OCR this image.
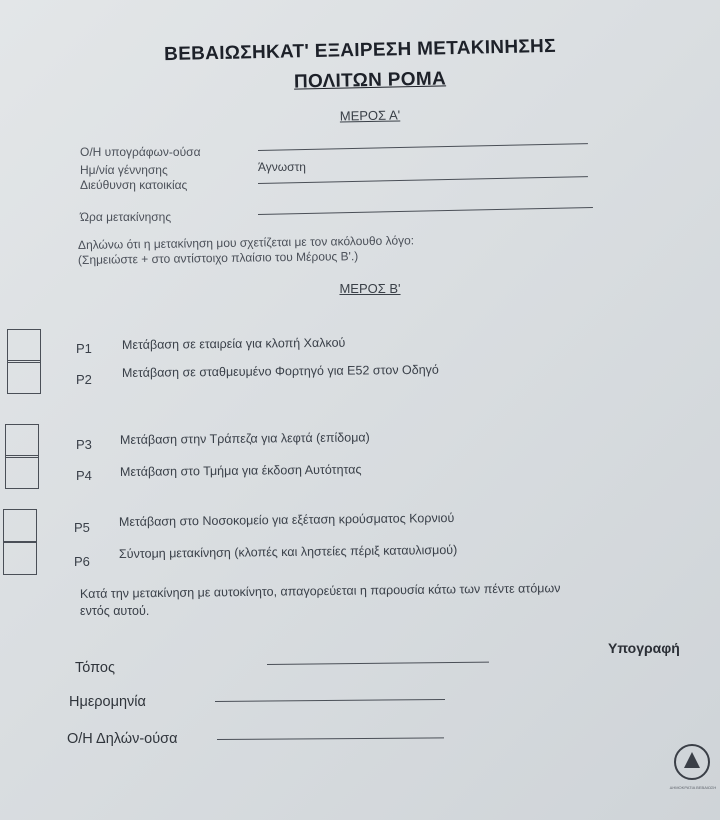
ΒΕΒΑΙΩΣΗΚΑΤ' ΕΞΑΙΡΕΣΗ ΜΕΤΑΚΙΝΗΣΗΣ
ΠΟΛΙΤΩΝ ΡΟΜΑ
ΜΕΡΟΣ Α'
Ο/Η υπογράφων-ούσα
Ημ/νία γέννησης	Άγνωστη
Διεύθυνση κατοικίας
Ώρα μετακίνησης
Δηλώνω ότι η μετακίνηση μου σχετίζεται με τον ακόλουθο λόγο:
(Σημειώστε + στο αντίστοιχο πλαίσιο του Μέρους Β'.)
ΜΕΡΟΣ Β'
Ρ1 Μετάβαση σε εταιρεία για κλοπή Χαλκού
Ρ2 Μετάβαση σε σταθμευμένο Φορτηγό για Ε52 στον Οδηγό
Ρ3 Μετάβαση στην Τράπεζα για λεφτά (επίδομα)
Ρ4 Μετάβαση στο Τμήμα για έκδοση Αυτότητας
Ρ5 Μετάβαση στο Νοσοκομείο για εξέταση κρούσματος Κορνιού
Ρ6
Σύντομη μετακίνηση (κλοπές και ληστείες πέριξ καταυλισμού)
Κατά την μετακίνηση με αυτοκίνητο, απαγορεύεται η παρουσία κάτω των πέντε ατόμων
εντός αυτού.
Υπογραφή
Τόπος
Ημερομηνία
Ο/Η Δηλών-ούσα
ΔΗΜΟΚΡΑΤΙΑ ΒΕΒΑΙΩΣΗ
